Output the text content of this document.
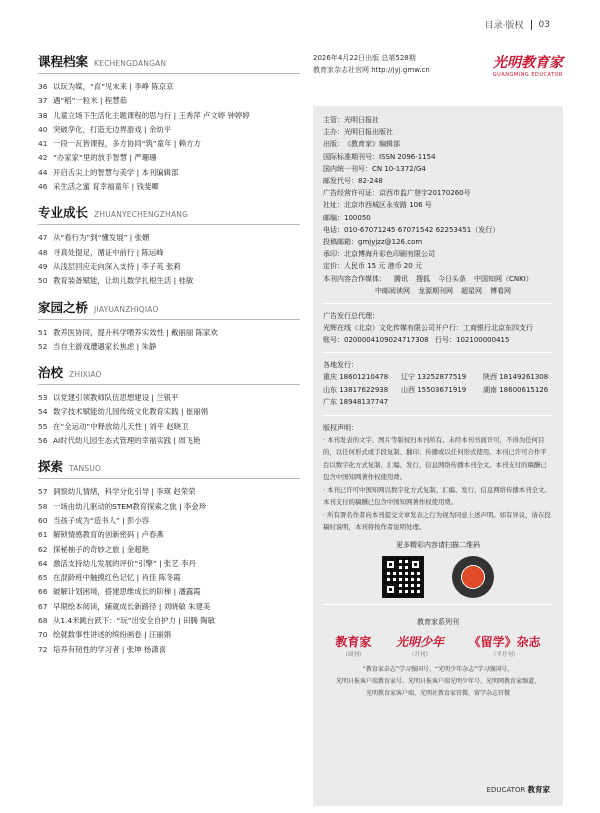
目录·版权 03
课程档案 KECHENGDANGAN
36 以玩为媒，“育”见未来 | 李峥 陈京京
37 遇“稻”一粒米 | 程慧茹
38 儿童立场下生活化主题课程的思与行 | 王秀萍 卢文婷 钟婷婷
40 突破孪化，打造无边界游戏 | 余幼平
41 一段一瓦皆课程，多方协同“筑”童年 | 赖方方
42 “办家家”里的放手智慧 | 严珊珊
44 开启舌尖上的智慧与美学 | 本刊编辑部
46 采生活之蜜 育幸福童年 | 钱斐卿
专业成长 ZHUANYECHENGZHANG
47 从“看行为”到“懂发展” | 张姗
48 寻真处提足，循证中前行 | 陈运峰
49 从浅层回应走向深入支持 | 李子英 张莉
50 教育装备赋能，让幼儿数学扎根生活 | 桂敏
家园之桥 JIAYUANZHIQIAO
51 教养医协同，提升科学喂养实效性 | 戴丽丽 陈家欢
52 当自主游戏遭遇家长焦虑 | 朱静
治校 ZHIXIAO
53 以党建引领教师队伍思想建设 | 兰银平
54 数字技术赋能幼儿园传统文化教育实践 | 崔丽娟
55 在“全运动”中释放幼儿天性 | 刘平 赵晓卫
56 AI时代幼儿园生态式管理的幸福实践 | 周飞艳
探索 TANSUO
57 洞察幼儿情绪，科学分化引导 | 李瑛 赵荣荣
58 一场由幼儿驱动的STEM教育探索之旅 | 李金珍
60 当孩子成为“造书人” | 彭小容
61 解锁情感教育的创新密码 | 卢春燕
62 探秘柚子的奇妙之旅 | 金超艳
64 激活支持幼儿发展的评价“引擎” | 张艺 李丹
65 在混龄班中触摸红色记忆 | 肖佳 陈冬霞
66 破解计划困境，搭建思维成长的阶梯 | 潘露霞
67 早期绘本阅读，辅就成长新路径 | 刘晓敏 朱建美
68 从1.4米跳台跃下：“玩”出安全自护力 | 田腾 陶敏
70 绘就数事性讲述的缤纷画卷 | 汪丽娟
72 培养有韧性的学习者 | 张坤 杨潇喜
2026年4月22日出版 总第528期
教育家杂志社官网 http://jyj.gmw.cn	光明教育家
GUANGMING EDUCATOR
主管： 光明日报社
主办： 光明日报出版社
出版： 《教育家》编辑部
国际标准期刊号： ISSN 2096-1154
国内统一刊号： CN 10-1372/G4
邮发代号： 82-248
广告经营许可证： 京西市监广登字20170260号
社址： 北京市西城区永安路 106 号
邮编： 100050
电话： 010-67071245 67071542 62253451（发行）
投稿邮箱： gmjyjzz@126.com
承印： 北京博海升彩色印刷有限公司
定价： 人民币 15 元 港币 20 元
本刊内容合作媒体： 腾讯 搜狐 今日头条 中国知网（CNKI）
中邮阅读网 龙源期刊网 超星网 博看网
广告发行总代理：
光辉在线（北京）文化传媒有限公司 开户行：工商银行北京东四支行
账号：0200004109024717308 行号：102100000415
各地发行：
重庆 18601210478	辽宁 13252877519	陕西 18149261308
山东 13817622938	山西 15503671919	湖南 18600615126
广东 18948137747
版权声明：
· 本刊发表的文字、图片等版权归本刊所有。未经本刊书面许可，不得为任何目的，以任何形式或手段复制、翻印、传播或以任何形式使用。本刊已许可合作平台以数字化方式复制、汇编、发行、信息网络传播本刊全文。本刊支付的稿酬已包含中国知网著作权使用费。
· 本刊已许可中国知网以数字化方式复制、汇编、发行、信息网络传播本刊全文。本刊支付的稿酬已包含中国知网著作权使用费。
· 所有署名作者向本刊提交文章发表之行为视为同意上述声明。如有异议，请在投稿时说明，本刊将按作者说明处理。
更多精彩内容请扫描二维码
教育家系列刊
教育家
（周刊）
光明少年
（月刊）
《留学》杂志
（半月刊）
“教育家杂志”学习强国号、“光明少年杂志”学习强国号、
光明日报客户端教育家号、光明日报客户端光明少年号、光明网教育家频道、
光明教育家客户端、光明社教育家官微、留学杂志官微
EDUCATOR 教育家
